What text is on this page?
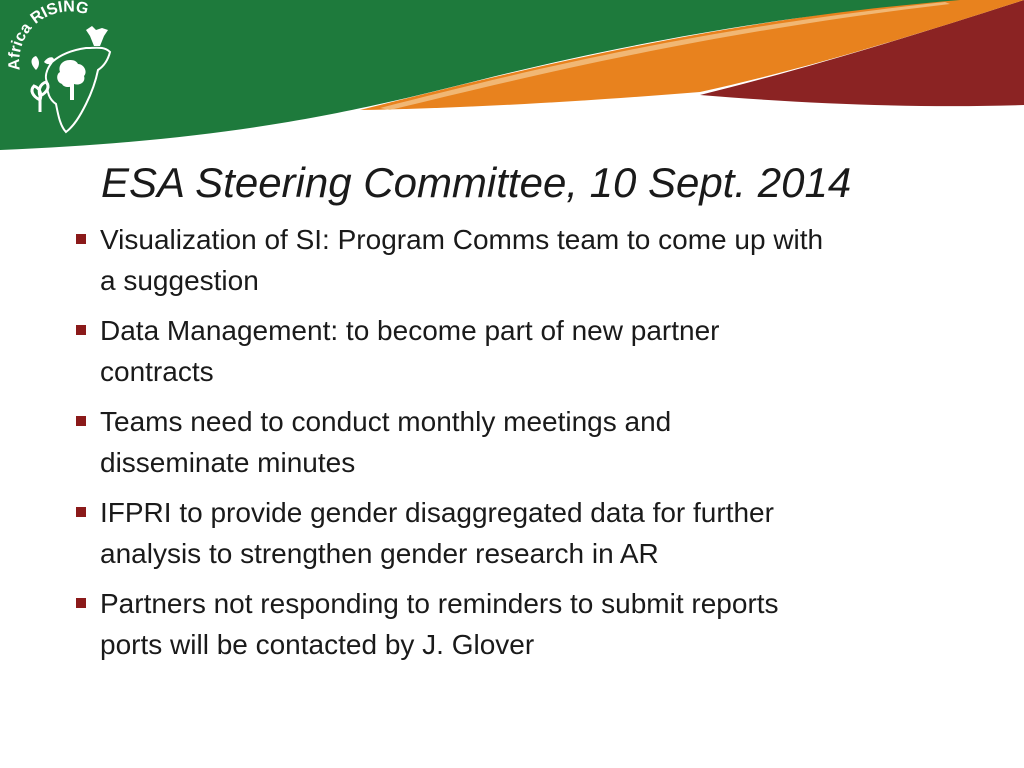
Africa RISING
ESA Steering Committee, 10 Sept. 2014
Visualization of SI: Program Comms team to come up with
a suggestion
Data Management: to become part of new partner
contracts
Teams need to conduct monthly meetings and
disseminate minutes
IFPRI to provide gender disaggregated data for further
analysis to strengthen gender research in AR
Partners not responding to reminders to submit reports
ports will be contacted by J. Glover
